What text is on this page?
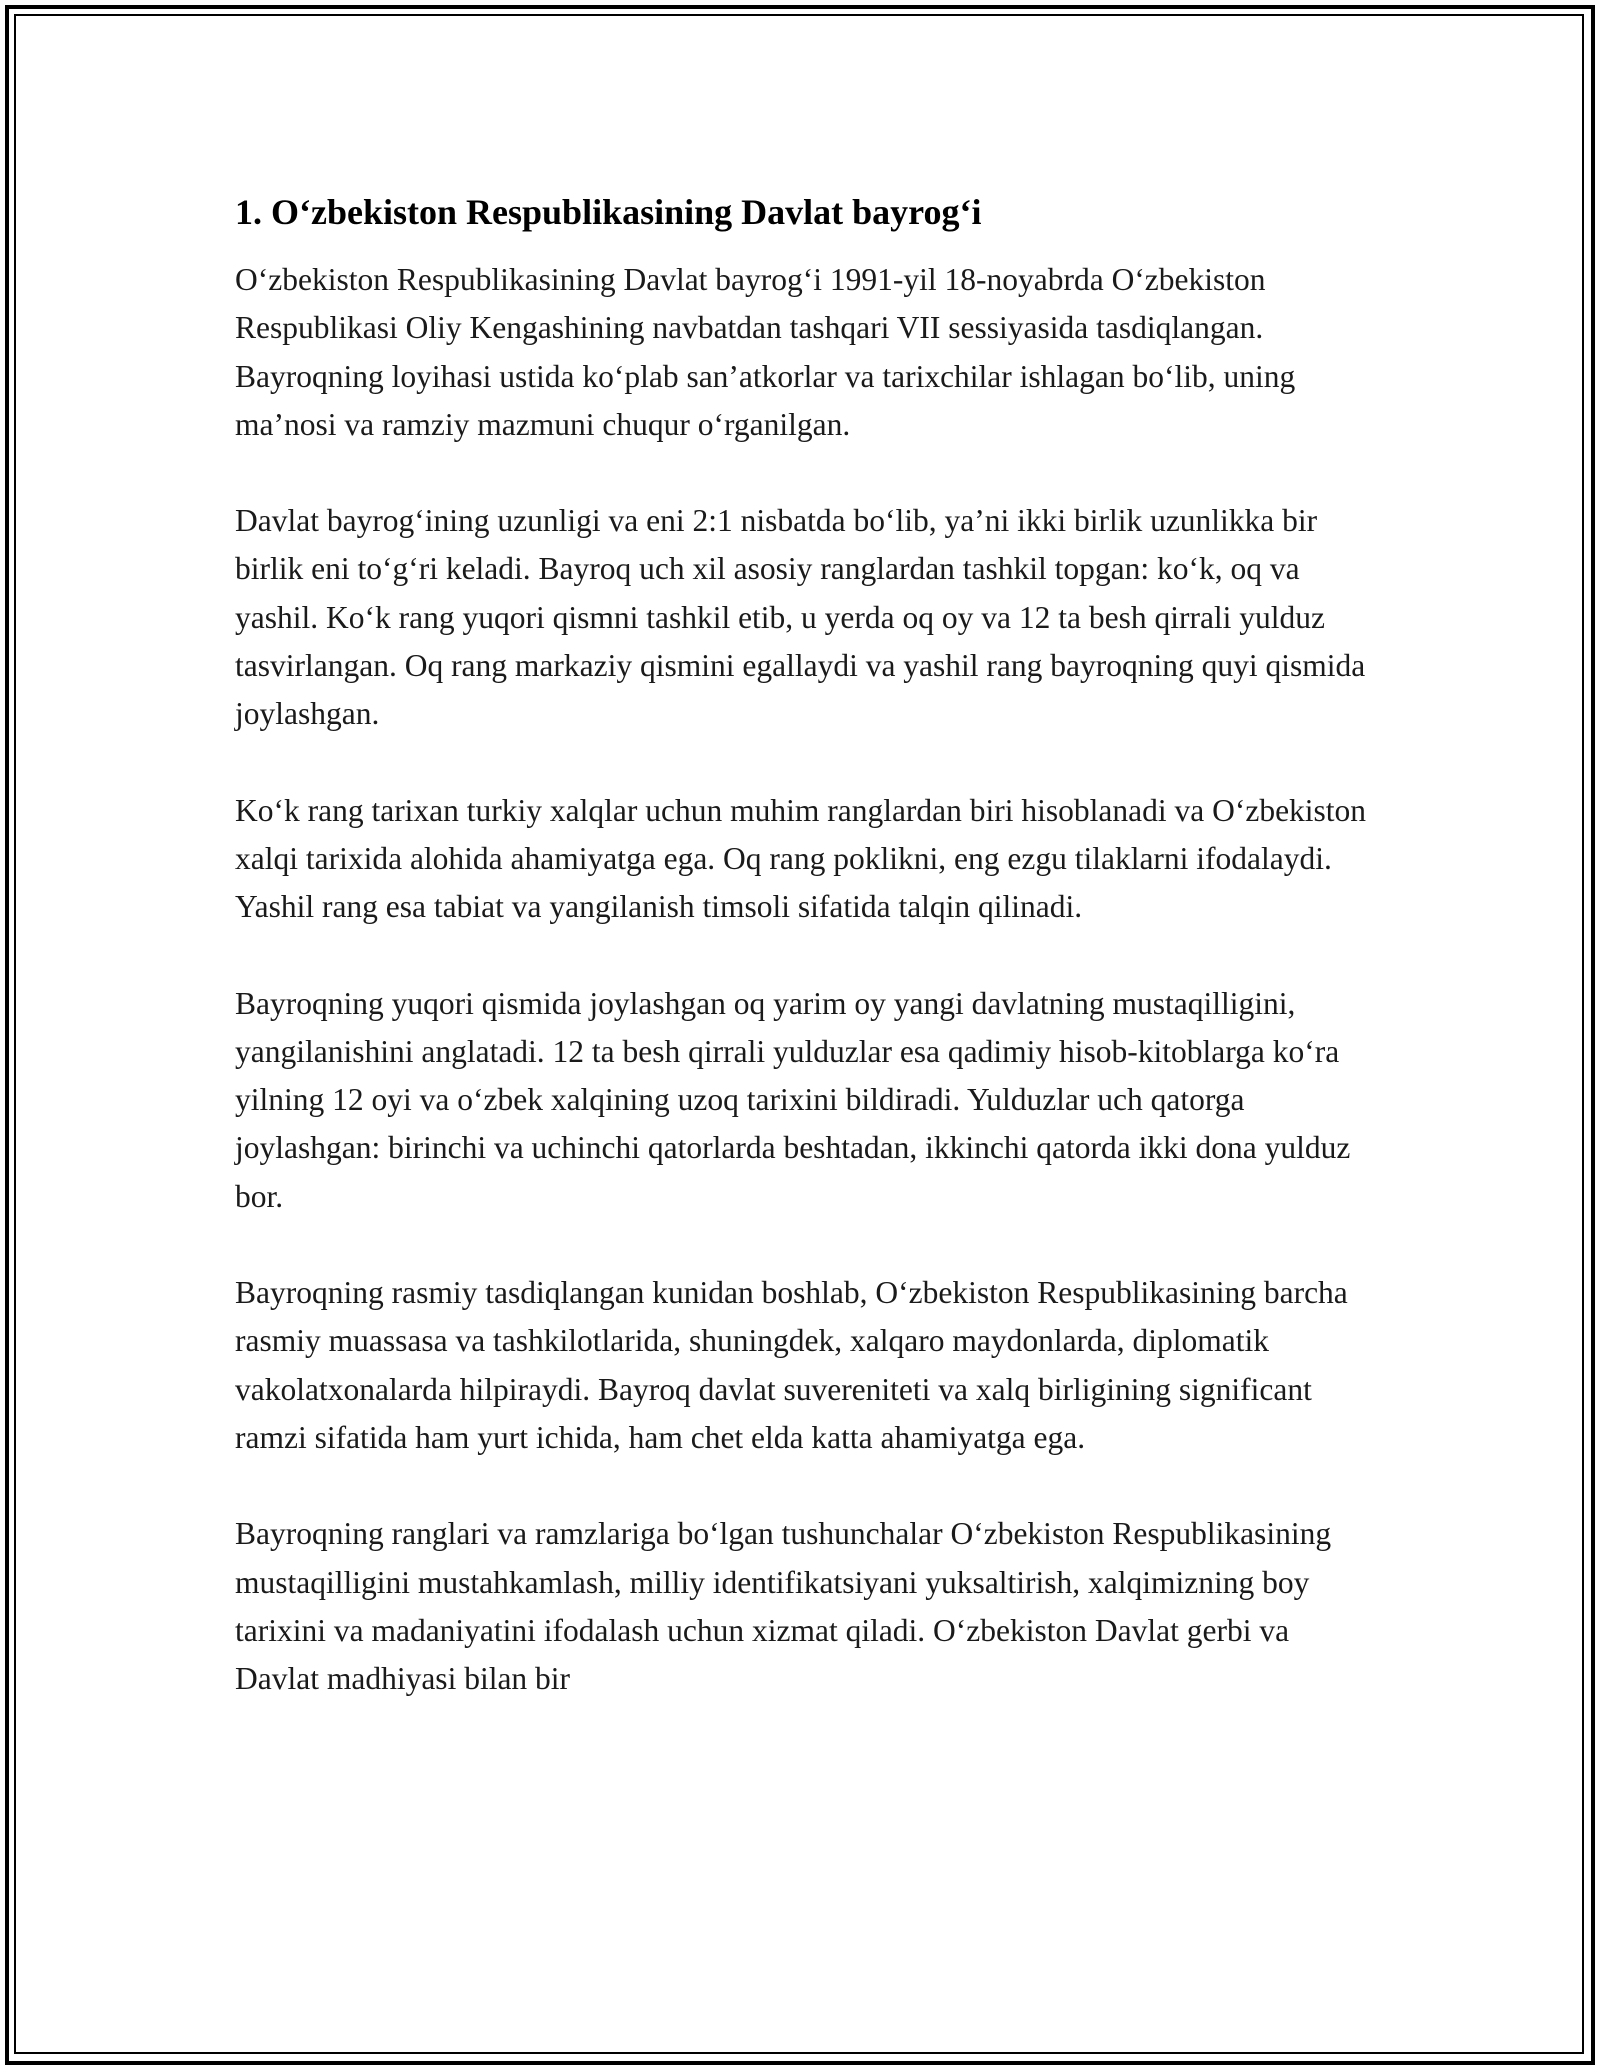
1. O‘zbekiston Respublikasining Davlat bayrog‘i

O‘zbekiston Respublikasining Davlat bayrog‘i 1991-yil 18-noyabrda O‘zbekiston Respublikasi Oliy Kengashining navbatdan tashqari VII sessiyasida tasdiqlangan. Bayroqning loyihasi ustida ko‘plab san’atkorlar va tarixchilar ishlagan bo‘lib, uning ma’nosi va ramziy mazmuni chuqur o‘rganilgan.

Davlat bayrog‘ining uzunligi va eni 2:1 nisbatda bo‘lib, ya’ni ikki birlik uzunlikka bir birlik eni to‘g‘ri keladi. Bayroq uch xil asosiy ranglardan tashkil topgan: ko‘k, oq va yashil. Ko‘k rang yuqori qismni tashkil etib, u yerda oq oy va 12 ta besh qirrali yulduz tasvirlangan. Oq rang markaziy qismini egallaydi va yashil rang bayroqning quyi qismida joylashgan.

Ko‘k rang tarixan turkiy xalqlar uchun muhim ranglardan biri hisoblanadi va O‘zbekiston xalqi tarixida alohida ahamiyatga ega. Oq rang poklikni, eng ezgu tilaklarni ifodalaydi. Yashil rang esa tabiat va yangilanish timsoli sifatida talqin qilinadi.

Bayroqning yuqori qismida joylashgan oq yarim oy yangi davlatning mustaqilligini, yangilanishini anglatadi. 12 ta besh qirrali yulduzlar esa qadimiy hisob-kitoblarga ko‘ra yilning 12 oyi va o‘zbek xalqining uzoq tarixini bildiradi. Yulduzlar uch qatorga joylashgan: birinchi va uchinchi qatorlarda beshtadan, ikkinchi qatorda ikki dona yulduz bor.

Bayroqning rasmiy tasdiqlangan kunidan boshlab, O‘zbekiston Respublikasining barcha rasmiy muassasa va tashkilotlarida, shuningdek, xalqaro maydonlarda, diplomatik vakolatxonalarda hilpiraydi. Bayroq davlat suvereniteti va xalq birligining significant ramzi sifatida ham yurt ichida, ham chet elda katta ahamiyatga ega.

Bayroqning ranglari va ramzlariga bo‘lgan tushunchalar O‘zbekiston Respublikasining mustaqilligini mustahkamlash, milliy identifikatsiyani yuksaltirish, xalqimizning boy tarixini va madaniyatini ifodalash uchun xizmat qiladi. O‘zbekiston Davlat gerbi va Davlat madhiyasi bilan bir
